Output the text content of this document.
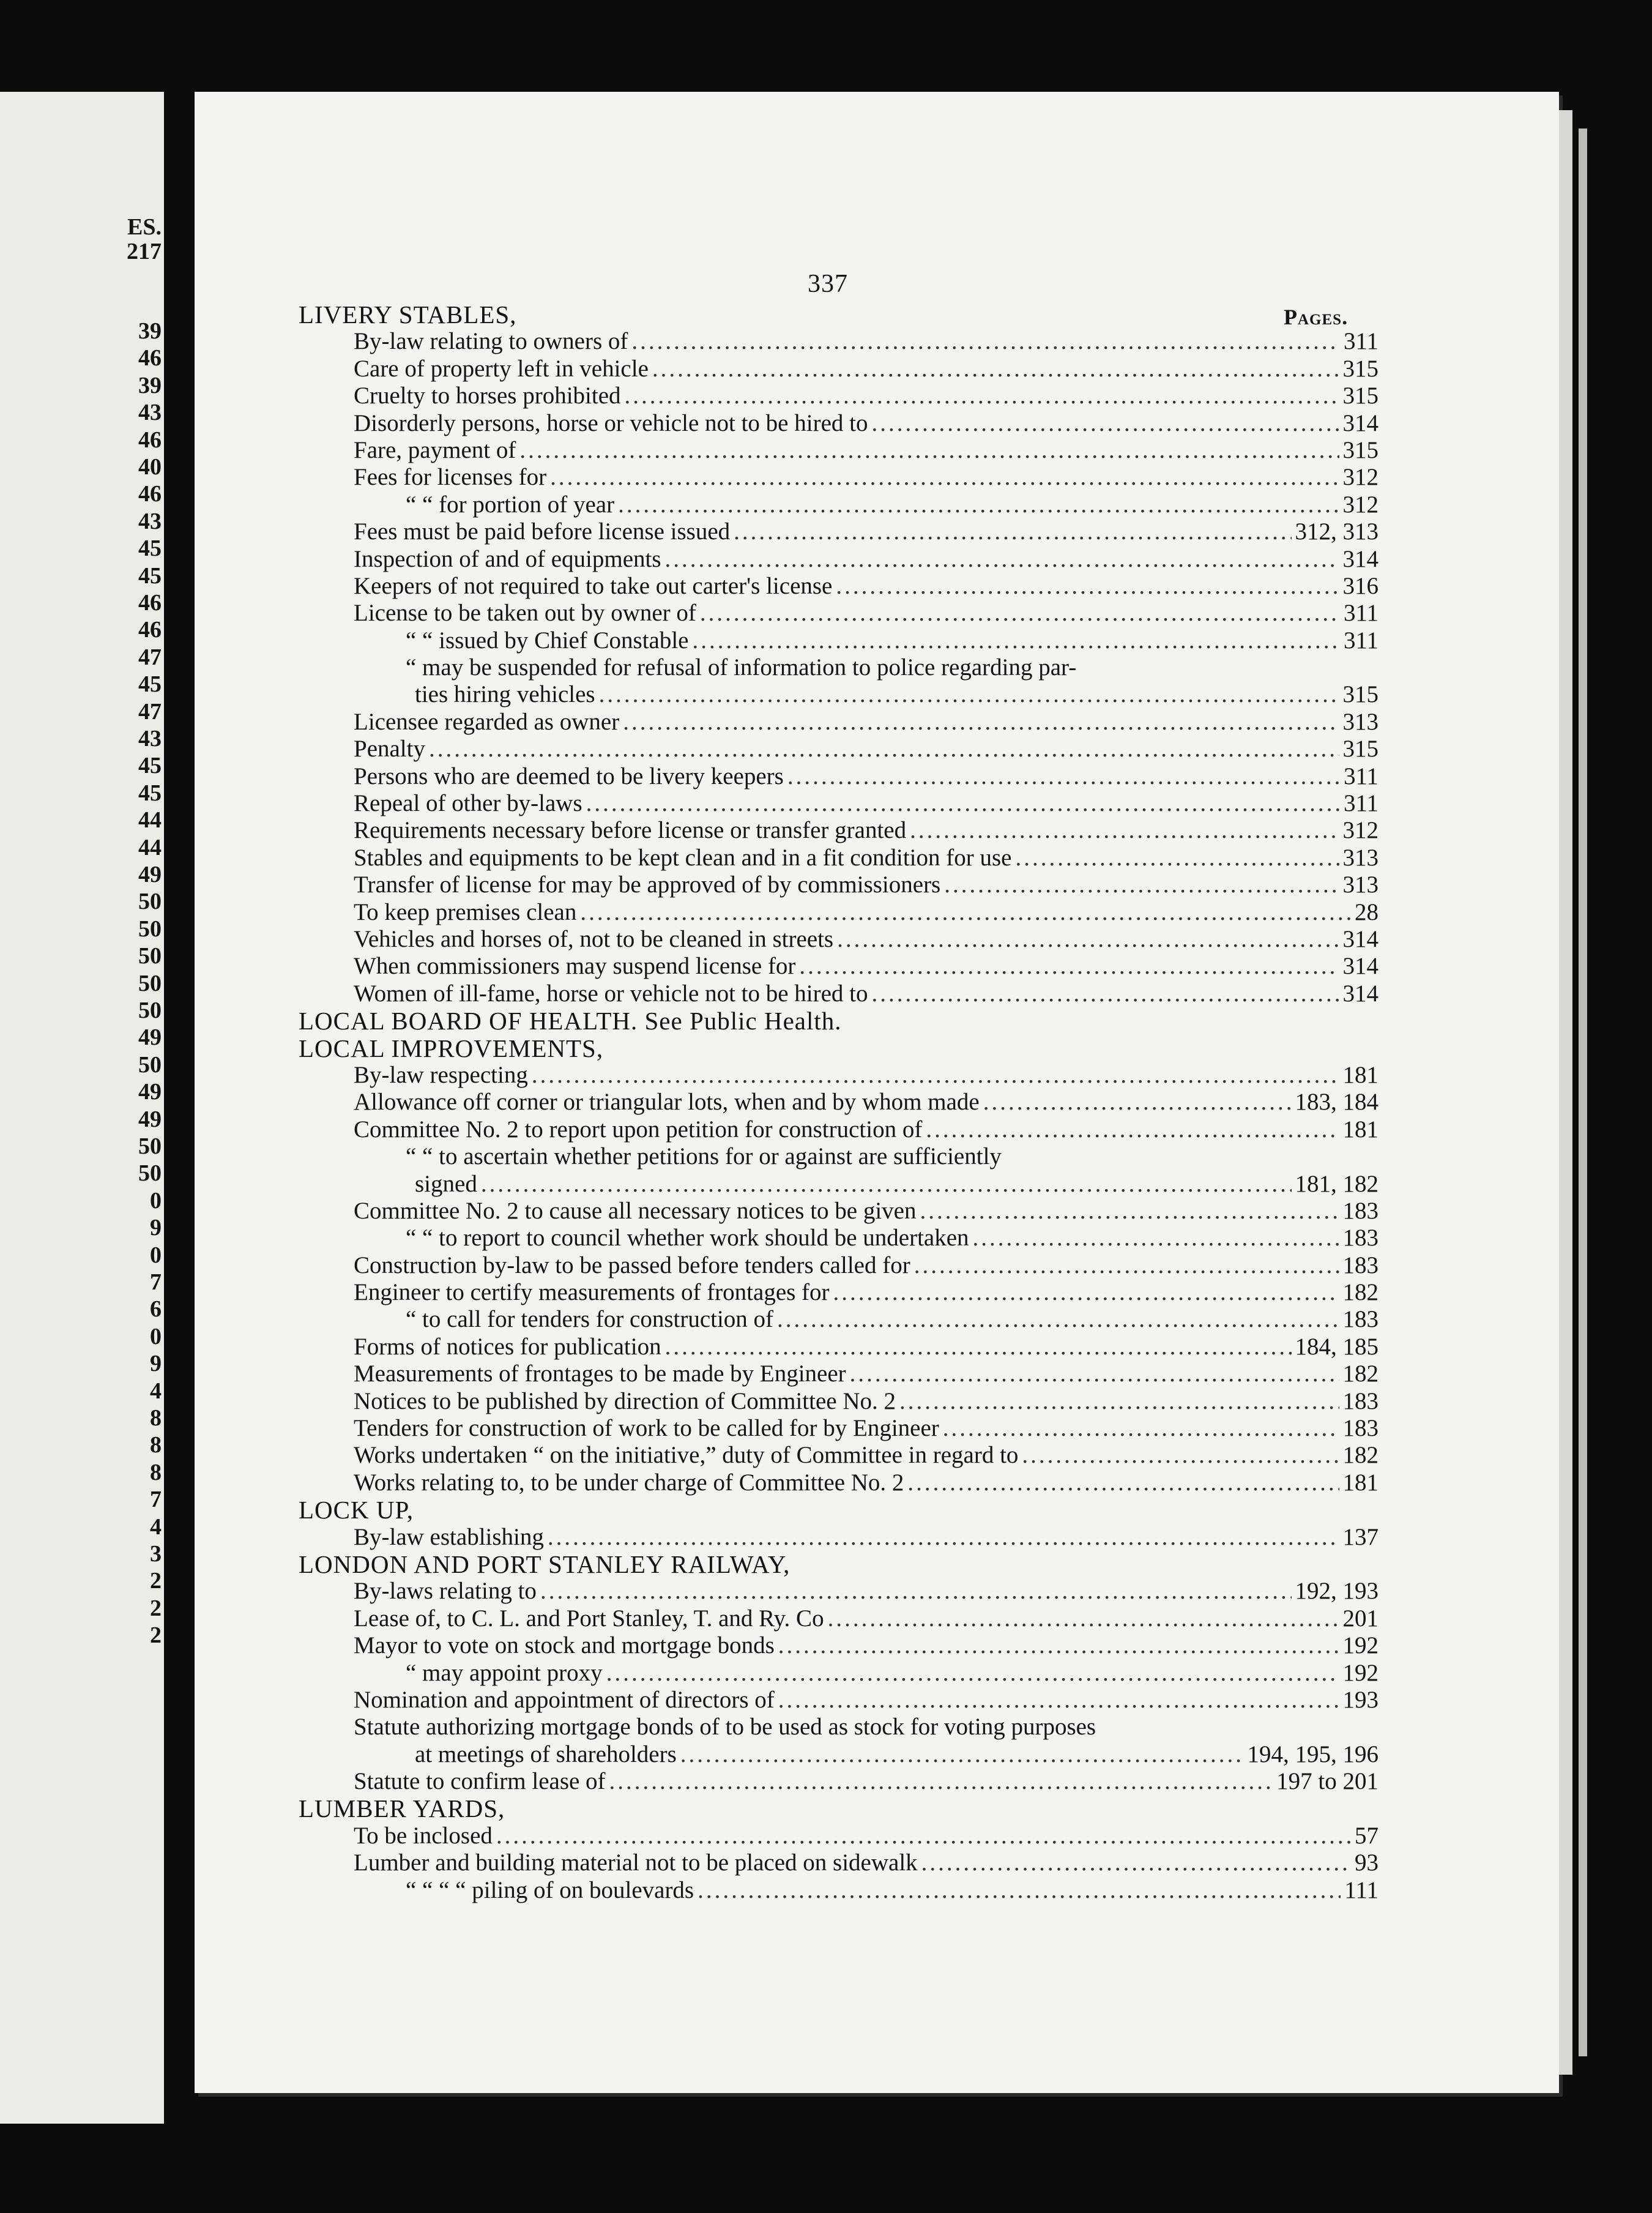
ES.
217
39
46
39
43
46
40
46
43
45
45
46
46
47
45
47
43
45
45
44
44
49
50
50
50
50
50
49
50
49
49
50
50
0
9
0
7
6
0
9
4
8
8
8
7
4
3
2
2
2
337
Pages.
LIVERY STABLES,
By-law relating to owners of .....	311
Care of property left in vehicle .....	315
Cruelty to horses prohibited .....	315
Disorderly persons, horse or vehicle not to be hired to .....	314
Fare, payment of .....	315
Fees for licenses for .....	312
“ “ for portion of year .....	312
Fees must be paid before license issued .....	312, 313
Inspection of and of equipments .....	314
Keepers of not required to take out carter's license .....	316
License to be taken out by owner of .....	311
“ “ issued by Chief Constable .....	311
“ may be suspended for refusal of information to police regarding par-
ties hiring vehicles .....	315
Licensee regarded as owner .....	313
Penalty .....	315
Persons who are deemed to be livery keepers .....	311
Repeal of other by-laws .....	311
Requirements necessary before license or transfer granted .....	312
Stables and equipments to be kept clean and in a fit condition for use .....	313
Transfer of license for may be approved of by commissioners .....	313
To keep premises clean .....	28
Vehicles and horses of, not to be cleaned in streets .....	314
When commissioners may suspend license for .....	314
Women of ill-fame, horse or vehicle not to be hired to .....	314
LOCAL BOARD OF HEALTH. See Public Health.
LOCAL IMPROVEMENTS,
By-law respecting .....	181
Allowance off corner or triangular lots, when and by whom made .....	183, 184
Committee No. 2 to report upon petition for construction of .....	181
“ “ to ascertain whether petitions for or against are sufficiently
signed .....	181, 182
Committee No. 2 to cause all necessary notices to be given .....	183
“ “ to report to council whether work should be undertaken .....	183
Construction by-law to be passed before tenders called for .....	183
Engineer to certify measurements of frontages for .....	182
“ to call for tenders for construction of .....	183
Forms of notices for publication .....	184, 185
Measurements of frontages to be made by Engineer .....	182
Notices to be published by direction of Committee No. 2 .....	183
Tenders for construction of work to be called for by Engineer .....	183
Works undertaken “ on the initiative,” duty of Committee in regard to .....	182
Works relating to, to be under charge of Committee No. 2 .....	181
LOCK UP,
By-law establishing .....	137
LONDON AND PORT STANLEY RAILWAY,
By-laws relating to .....	192, 193
Lease of, to C. L. and Port Stanley, T. and Ry. Co .....	201
Mayor to vote on stock and mortgage bonds .....	192
“ may appoint proxy .....	192
Nomination and appointment of directors of .....	193
Statute authorizing mortgage bonds of to be used as stock for voting purposes
at meetings of shareholders .....	194, 195, 196
Statute to confirm lease of .....	197 to 201
LUMBER YARDS,
To be inclosed .....	57
Lumber and building material not to be placed on sidewalk .....	93
“ “ “ “ piling of on boulevards .....	111
